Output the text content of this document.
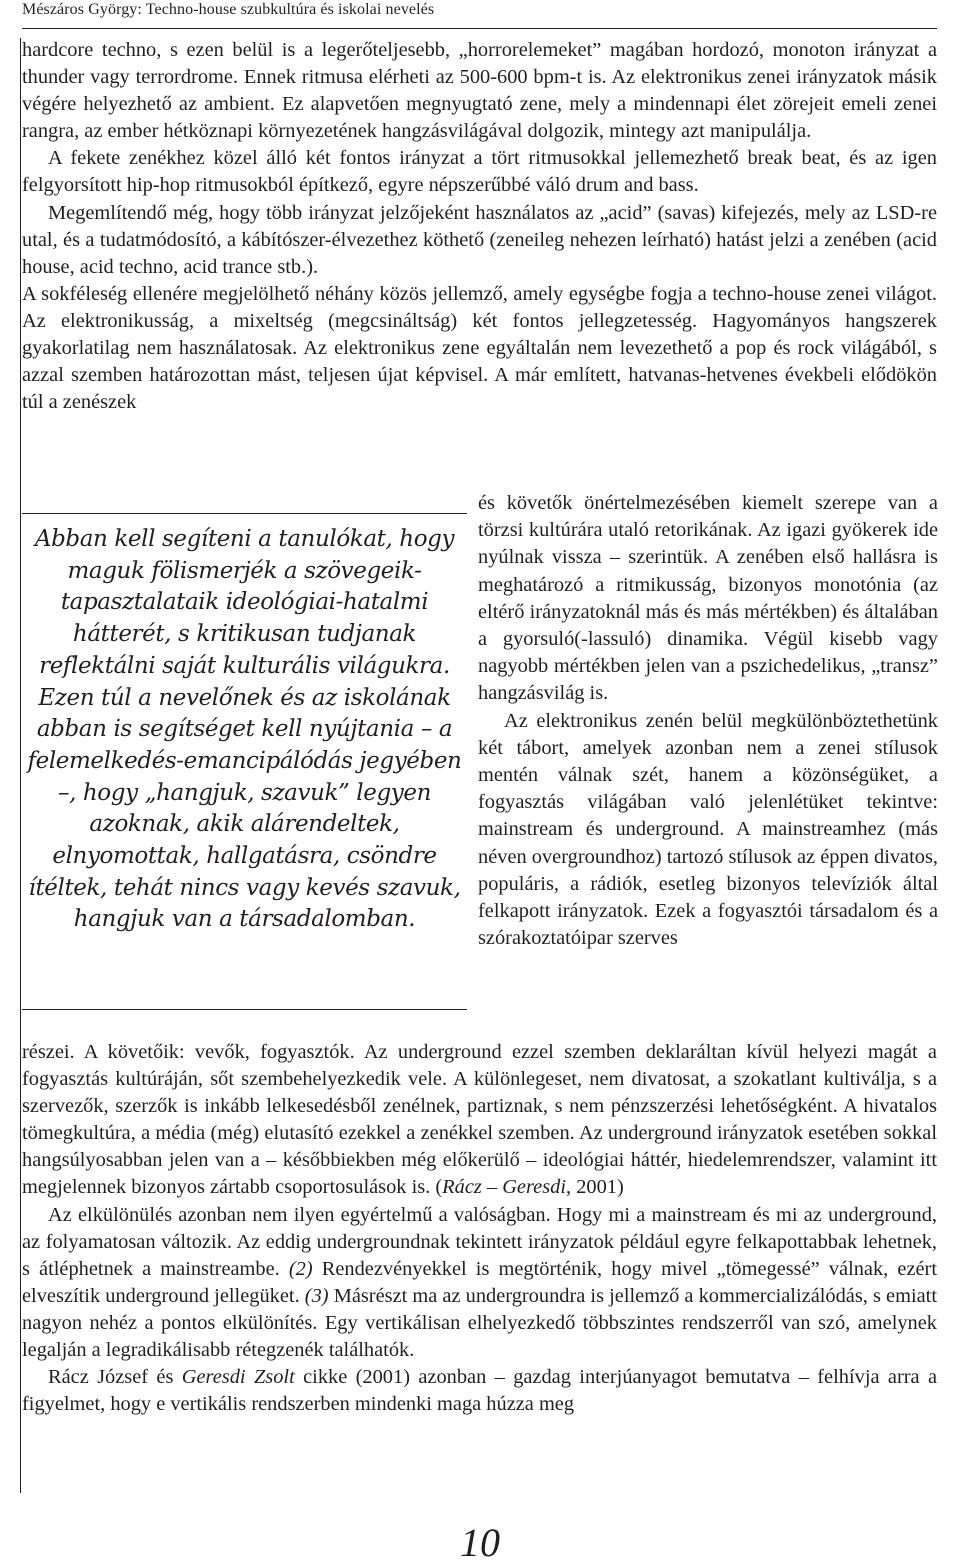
Mészáros György: Techno-house szubkultúra és iskolai nevelés

hardcore techno, s ezen belül is a legerőteljesebb, „horrorelemeket” magában hordozó, monoton irányzat a thunder vagy terrordrome. Ennek ritmusa elérheti az 500-600 bpm-t is. Az elektronikus zenei irányzatok másik végére helyezhető az ambient. Ez alapvetően megnyugtató zene, mely a mindennapi élet zörejeit emeli zenei rangra, az ember hétköznapi környezetének hangzásvilágával dolgozik, mintegy azt manipulálja.

A fekete zenékhez közel álló két fontos irányzat a tört ritmusokkal jellemezhető break beat, és az igen felgyorsított hip-hop ritmusokból építkező, egyre népszerűbbé váló drum and bass.

Megemlítendő még, hogy több irányzat jelzőjeként használatos az „acid” (savas) kifejezés, mely az LSD-re utal, és a tudatmódosító, a kábítószer-élvezethez köthető (zeneileg nehezen leírható) hatást jelzi a zenében (acid house, acid techno, acid trance stb.).

A sokféleség ellenére megjelölhető néhány közös jellemző, amely egységbe fogja a techno-house zenei világot. Az elektronikusság, a mixeltség (megcsináltság) két fontos jellegzetesség. Hagyományos hangszerek gyakorlatilag nem használatosak. Az elektronikus zene egyáltalán nem levezethető a pop és rock világából, s azzal szemben határozottan mást, teljesen újat képvisel. A már említett, hatvanas-hetvenes évekbeli elődökön túl a zenészek

Abban kell segíteni a tanulókat, hogy maguk fölismerjék a szövegeik-tapasztalataik ideológiai-hatalmi hátterét, s kritikusan tudjanak reflektálni saját kulturális világukra. Ezen túl a nevelőnek és az iskolának abban is segítséget kell nyújtania – a felemelkedés-emancipálódás jegyében –, hogy „hangjuk, szavuk” legyen azoknak, akik alárendeltek, elnyomottak, hallgatásra, csöndre ítéltek, tehát nincs vagy kevés szavuk, hangjuk van a társadalomban.

és követők önértelmezésében kiemelt szerepe van a törzsi kultúrára utaló retorikának. Az igazi gyökerek ide nyúlnak vissza – szerintük. A zenében első hallásra is meghatározó a ritmikusság, bizonyos monotónia (az eltérő irányzatoknál más és más mértékben) és általában a gyorsuló(-lassuló) dinamika. Végül kisebb vagy nagyobb mértékben jelen van a pszichedelikus, „transz” hangzásvilág is.

Az elektronikus zenén belül megkülönböztethetünk két tábort, amelyek azonban nem a zenei stílusok mentén válnak szét, hanem a közönségüket, a fogyasztás világában való jelenlétüket tekintve: mainstream és underground. A mainstreamhez (más néven overgroundhoz) tartozó stílusok az éppen divatos, populáris, a rádiók, esetleg bizonyos televíziók által felkapott irányzatok. Ezek a fogyasztói társadalom és a szórakoztatóipar szerves

részei. A követőik: vevők, fogyasztók. Az underground ezzel szemben deklaráltan kívül helyezi magát a fogyasztás kultúráján, sőt szembehelyezkedik vele. A különlegeset, nem divatosat, a szokatlant kultiválja, s a szervezők, szerzők is inkább lelkesedésből zenélnek, partiznak, s nem pénzszerzési lehetőségként. A hivatalos tömegkultúra, a média (még) elutasító ezekkel a zenékkel szemben. Az underground irányzatok esetében sokkal hangsúlyosabban jelen van a – későbbiekben még előkerülő – ideológiai háttér, hiedelemrendszer, valamint itt megjelennek bizonyos zártabb csoportosulások is. (Rácz – Geresdi, 2001)

Az elkülönülés azonban nem ilyen egyértelmű a valóságban. Hogy mi a mainstream és mi az underground, az folyamatosan változik. Az eddig undergroundnak tekintett irányzatok például egyre felkapottabbak lehetnek, s átléphetnek a mainstreambe. (2) Rendezvényekkel is megtörténik, hogy mivel „tömegessé” válnak, ezért elveszítik underground jellegüket. (3) Másrészt ma az undergroundra is jellemző a kommercializálódás, s emiatt nagyon nehéz a pontos elkülönítés. Egy vertikálisan elhelyezkedő többszintes rendszerről van szó, amelynek legalján a legradikálisabb rétegzenék találhatók.

Rácz József és Geresdi Zsolt cikke (2001) azonban – gazdag interjúanyagot bemutatva – felhívja arra a figyelmet, hogy e vertikális rendszerben mindenki maga húzza meg

10
